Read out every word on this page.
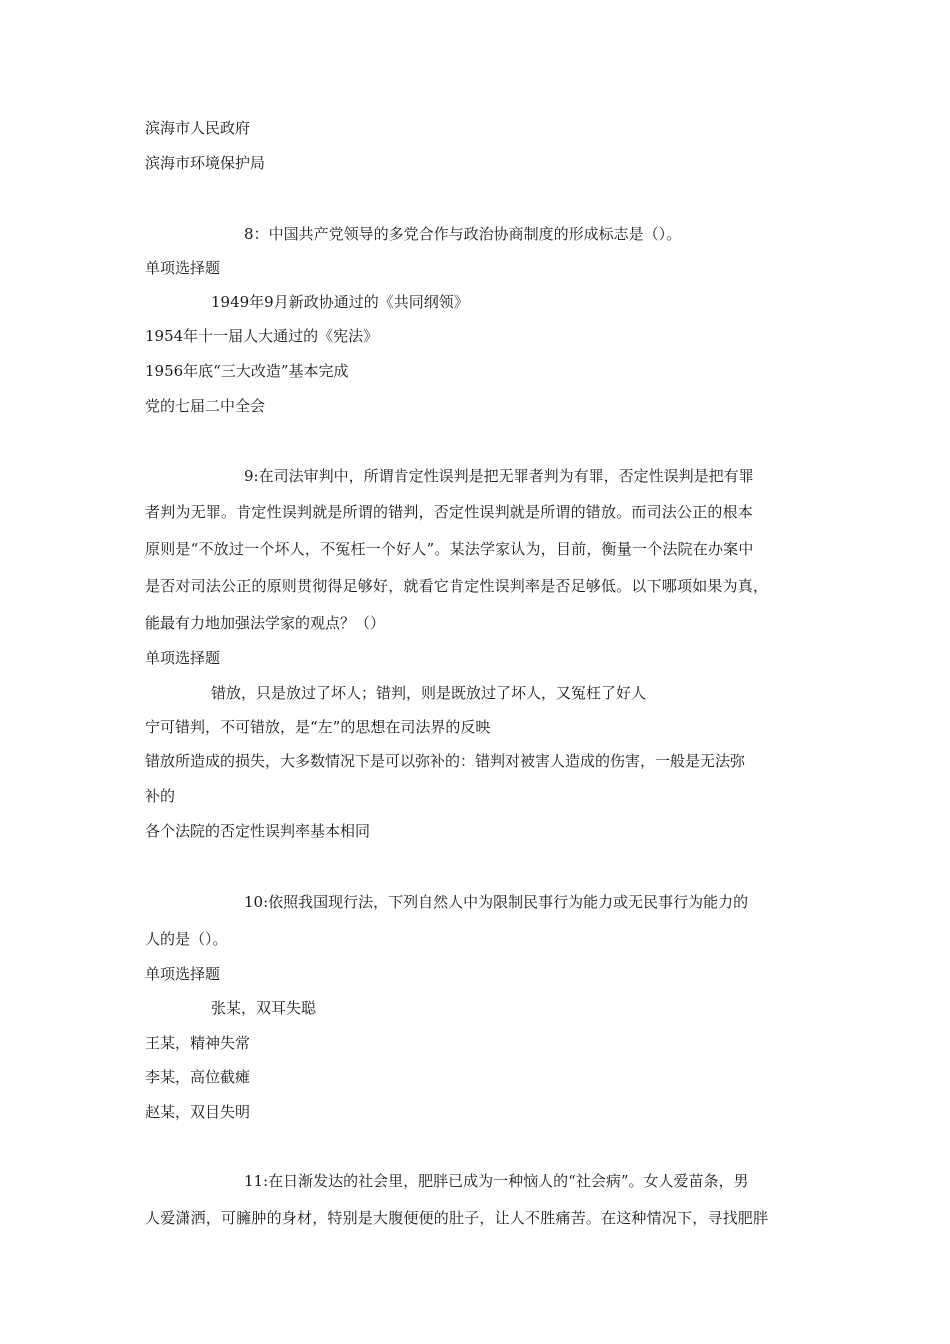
滨海市人民政府
滨海市环境保护局
8：中国共产党领导的多党合作与政治协商制度的形成标志是（）。
单项选择题
1949年9月新政协通过的《共同纲领》
1954年十一届人大通过的《宪法》
1956年底“三大改造”基本完成
党的七届二中全会
9:在司法审判中，所谓肯定性误判是把无罪者判为有罪，否定性误判是把有罪
者判为无罪。肯定性误判就是所谓的错判，否定性误判就是所谓的错放。而司法公正的根本
原则是“不放过一个坏人，不冤枉一个好人”。某法学家认为，目前，衡量一个法院在办案中
是否对司法公正的原则贯彻得足够好，就看它肯定性误判率是否足够低。以下哪项如果为真，
能最有力地加强法学家的观点？（）
单项选择题
错放，只是放过了坏人；错判，则是既放过了坏人，又冤枉了好人
宁可错判，不可错放，是“左”的思想在司法界的反映
错放所造成的损失，大多数情况下是可以弥补的：错判对被害人造成的伤害，一般是无法弥
补的
各个法院的否定性误判率基本相同
10:依照我国现行法，下列自然人中为限制民事行为能力或无民事行为能力的
人的是（）。
单项选择题
张某，双耳失聪
王某，精神失常
李某，高位截瘫
赵某，双目失明
11:在日渐发达的社会里，肥胖已成为一种恼人的“社会病”。女人爱苗条，男
人爱潇洒，可臃肿的身材，特别是大腹便便的肚子，让人不胜痛苦。在这种情况下，寻找肥胖
